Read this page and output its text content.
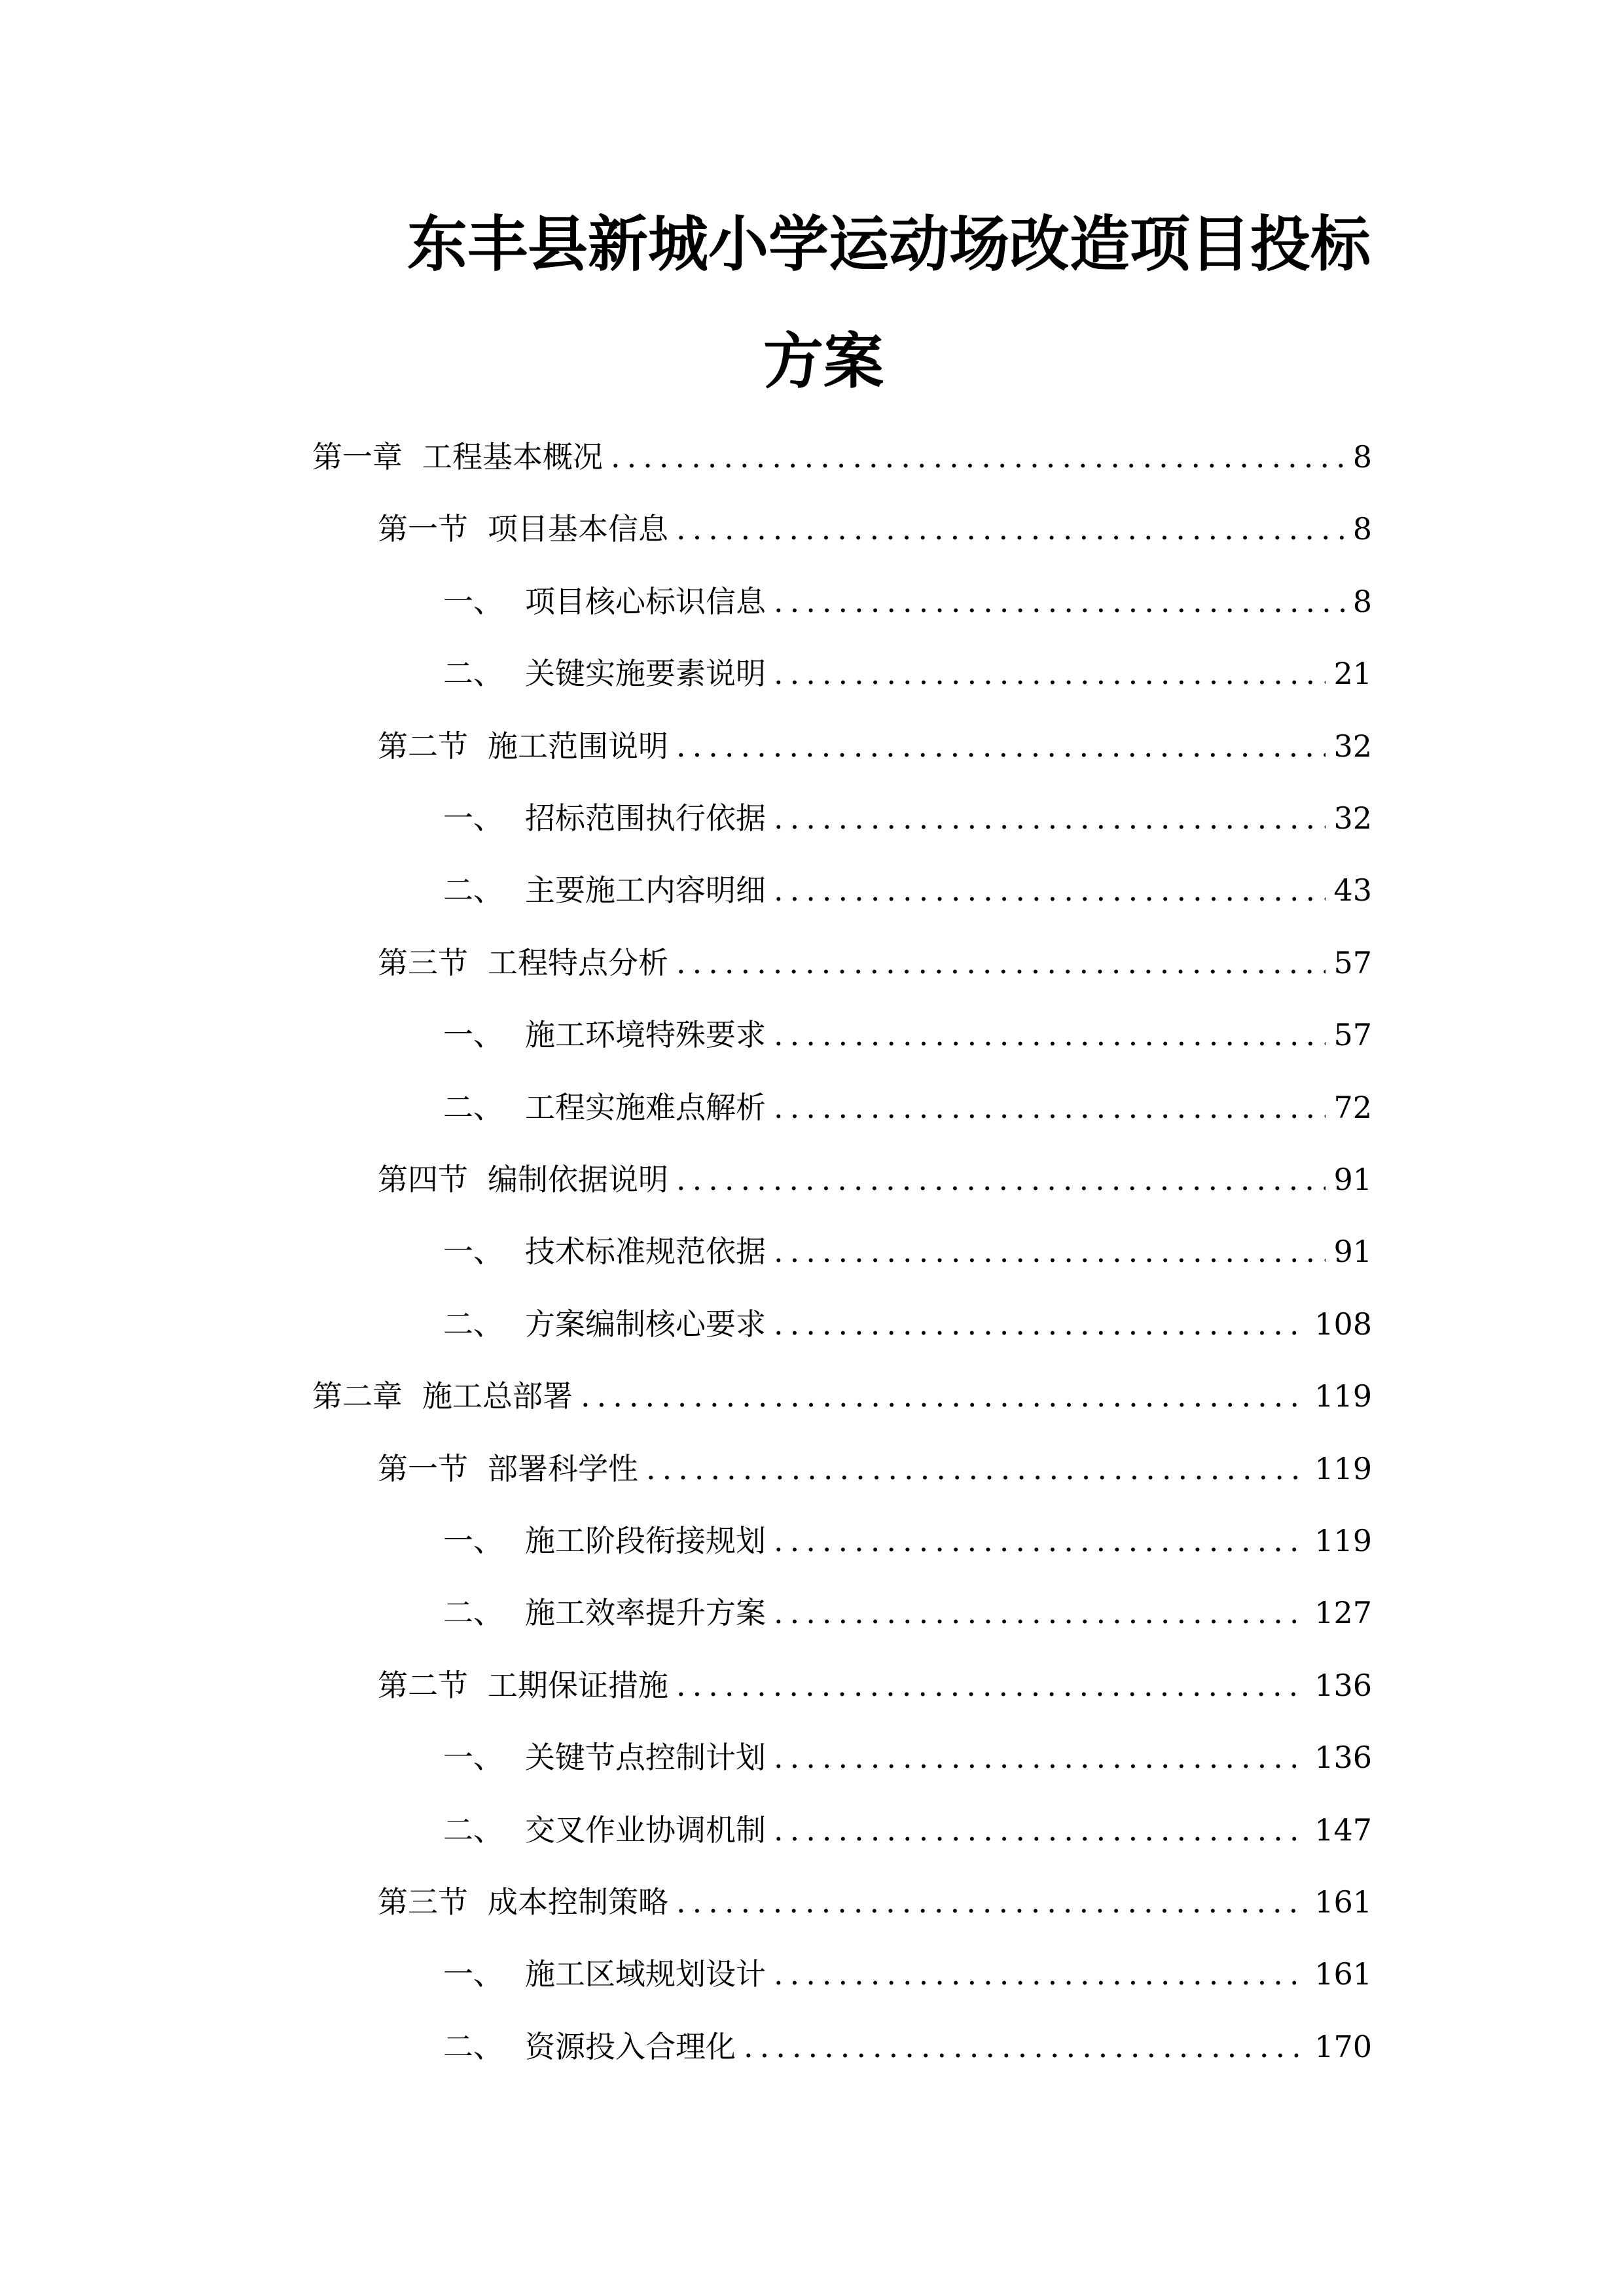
东丰县新城小学运动场改造项目投标
方案
第一章 工程基本概况 .....	8
第一节 项目基本信息 .....	8
一、 项目核心标识信息 .....	8
二、 关键实施要素说明 .....	21
第二节 施工范围说明 .....	32
一、 招标范围执行依据 .....	32
二、 主要施工内容明细 .....	43
第三节 工程特点分析 .....	57
一、 施工环境特殊要求 .....	57
二、 工程实施难点解析 .....	72
第四节 编制依据说明 .....	91
一、 技术标准规范依据 .....	91
二、 方案编制核心要求 .....	108
第二章 施工总部署 .....	119
第一节 部署科学性 .....	119
一、 施工阶段衔接规划 .....	119
二、 施工效率提升方案 .....	127
第二节 工期保证措施 .....	136
一、 关键节点控制计划 .....	136
二、 交叉作业协调机制 .....	147
第三节 成本控制策略 .....	161
一、 施工区域规划设计 .....	161
二、 资源投入合理化 .....	170
